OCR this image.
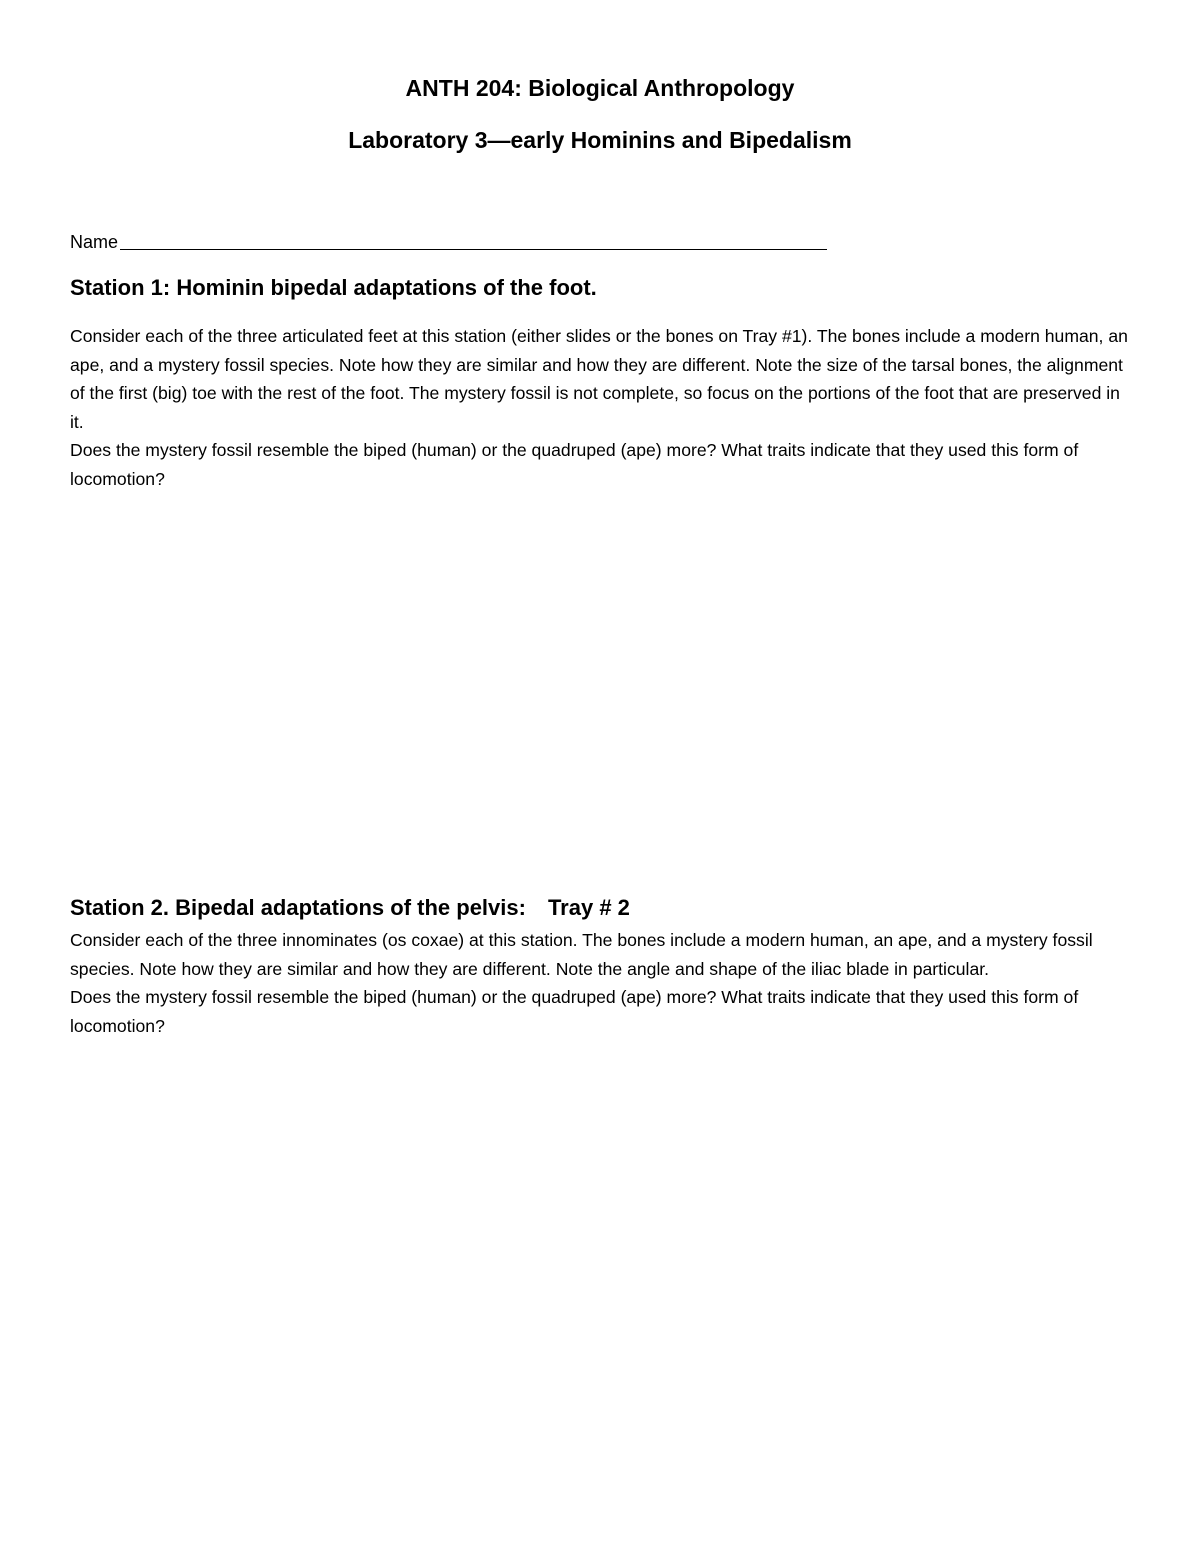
ANTH 204: Biological Anthropology
Laboratory 3—early Hominins and Bipedalism
Name
Station 1: Hominin bipedal adaptations of the foot.

Consider each of the three articulated feet at this station (either slides or the bones on Tray #1). The bones include a modern human, an ape, and a mystery fossil species. Note how they are similar and how they are different. Note the size of the tarsal bones, the alignment of the first (big) toe with the rest of the foot. The mystery fossil is not complete, so focus on the portions of the foot that are preserved in it.

Does the mystery fossil resemble the biped (human) or the quadruped (ape) more? What traits indicate that they used this form of locomotion?

Station 2. Bipedal adaptations of the pelvis: Tray # 2

Consider each of the three innominates (os coxae) at this station. The bones include a modern human, an ape, and a mystery fossil species. Note how they are similar and how they are different. Note the angle and shape of the iliac blade in particular.

Does the mystery fossil resemble the biped (human) or the quadruped (ape) more? What traits indicate that they used this form of locomotion?
